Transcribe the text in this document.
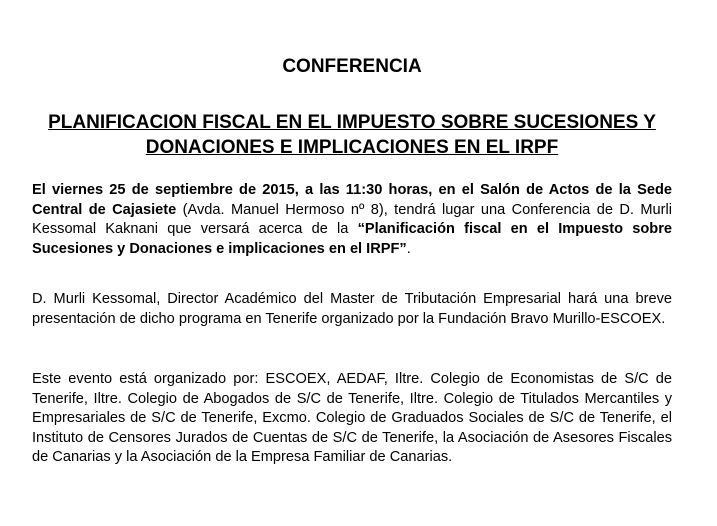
CONFERENCIA
PLANIFICACION FISCAL EN EL IMPUESTO SOBRE SUCESIONES Y
DONACIONES E IMPLICACIONES EN EL IRPF

El viernes 25 de septiembre de 2015, a las 11:30 horas, en el Salón de Actos de la Sede Central de Cajasiete (Avda. Manuel Hermoso nº 8), tendrá lugar una Conferencia de D. Murli Kessomal Kaknani que versará acerca de la “Planificación fiscal en el Impuesto sobre Sucesiones y Donaciones e implicaciones en el IRPF”.

D. Murli Kessomal, Director Académico del Master de Tributación Empresarial hará una breve presentación de dicho programa en Tenerife organizado por la Fundación Bravo Murillo-ESCOEX.

Este evento está organizado por: ESCOEX, AEDAF, Iltre. Colegio de Economistas de S/C de Tenerife, Iltre. Colegio de Abogados de S/C de Tenerife, Iltre. Colegio de Titulados Mercantiles y Empresariales de S/C de Tenerife, Excmo. Colegio de Graduados Sociales de S/C de Tenerife, el Instituto de Censores Jurados de Cuentas de S/C de Tenerife, la Asociación de Asesores Fiscales de Canarias y la Asociación de la Empresa Familiar de Canarias.
